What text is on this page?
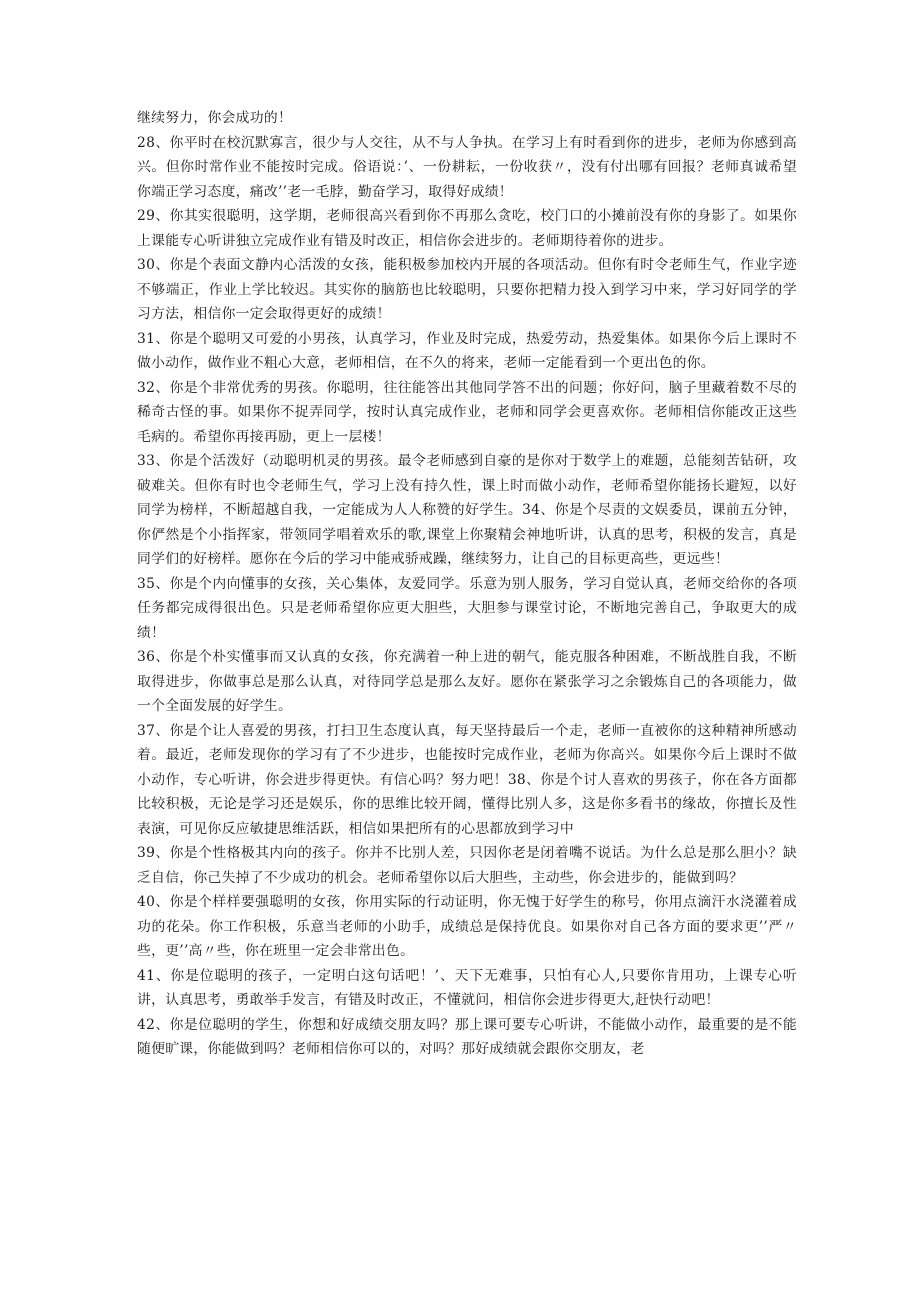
继续努力，你会成功的！

28、你平时在校沉默寡言，很少与人交往，从不与人争执。在学习上有时看到你的进步，老师为你感到高兴。但你时常作业不能按时完成。俗语说：’、一份耕耘，一份收获〃，没有付出哪有回报？老师真诚希望你端正学习态度，痛改’’老一毛脖，勤奋学习，取得好成绩！

29、你其实很聪明，这学期，老师很高兴看到你不再那么贪吃，校门口的小摊前没有你的身影了。如果你上课能专心听讲独立完成作业有错及时改正，相信你会进步的。老师期待着你的进步。

30、你是个表面文静内心活泼的女孩，能积极参加校内开展的各项活动。但你有时令老师生气，作业字迹不够端正，作业上学比较迟。其实你的脑筋也比较聪明，只要你把精力投入到学习中来，学习好同学的学习方法，相信你一定会取得更好的成绩！

31、你是个聪明又可爱的小男孩，认真学习，作业及时完成，热爱劳动，热爱集体。如果你今后上课时不做小动作，做作业不粗心大意，老师相信，在不久的将来，老师一定能看到一个更出色的你。

32、你是个非常优秀的男孩。你聪明，往往能答出其他同学答不出的问题；你好问，脑子里藏着数不尽的稀奇古怪的事。如果你不捉弄同学，按时认真完成作业，老师和同学会更喜欢你。老师相信你能改正这些毛病的。希望你再接再励，更上一层楼！

33、你是个活泼好（动聪明机灵的男孩。最令老师感到自豪的是你对于数学上的难题，总能刻苦钻研，攻破难关。但你有时也令老师生气，学习上没有持久性，课上时而做小动作，老师希望你能扬长避短，以好同学为榜样，不断超越自我，一定能成为人人称赞的好学生。34、你是个尽责的文娱委员，课前五分钟，你俨然是个小指挥家，带领同学唱着欢乐的歌,课堂上你聚精会神地听讲，认真的思考，积极的发言，真是同学们的好榜样。愿你在今后的学习中能戒骄戒躁，继续努力，让自己的目标更高些，更远些！

35、你是个内向懂事的女孩，关心集体，友爱同学。乐意为别人服务，学习自觉认真，老师交给你的各项任务都完成得很出色。只是老师希望你应更大胆些，大胆参与课堂讨论，不断地完善自己，争取更大的成绩！

36、你是个朴实懂事而又认真的女孩，你充满着一种上进的朝气，能克服各种困难，不断战胜自我，不断取得进步，你做事总是那么认真，对待同学总是那么友好。愿你在紧张学习之余锻炼自己的各项能力，做一个全面发展的好学生。

37、你是个让人喜爱的男孩，打扫卫生态度认真，每天坚持最后一个走，老师一直被你的这种精神所感动着。最近，老师发现你的学习有了不少进步，也能按时完成作业，老师为你高兴。如果你今后上课时不做小动作，专心听讲，你会进步得更快。有信心吗？努力吧！38、你是个讨人喜欢的男孩子，你在各方面都比较积极，无论是学习还是娱乐，你的思维比较开阔，懂得比别人多，这是你多看书的缘故，你擅长及性表演，可见你反应敏捷思维活跃，相信如果把所有的心思都放到学习中

39、你是个性格极其内向的孩子。你并不比别人差，只因你老是闭着嘴不说话。为什么总是那么胆小？缺乏自信，你己失掉了不少成功的机会。老师希望你以后大胆些，主动些，你会进步的，能做到吗？

40、你是个样样要强聪明的女孩，你用实际的行动证明，你无愧于好学生的称号，你用点滴汗水浇灌着成功的花朵。你工作积极，乐意当老师的小助手，成绩总是保持优良。如果你对自己各方面的要求更’’严〃些，更’’高〃些，你在班里一定会非常出色。

41、你是位聪明的孩子，一定明白这句话吧！’、天下无难事，只怕有心人,只要你肯用功，上课专心听讲，认真思考，勇敢举手发言，有错及时改正，不懂就问，相信你会进步得更大,赶快行动吧！

42、你是位聪明的学生，你想和好成绩交朋友吗？那上课可要专心听讲，不能做小动作，最重要的是不能随便旷课，你能做到吗？老师相信你可以的，对吗？那好成绩就会跟你交朋友，老
